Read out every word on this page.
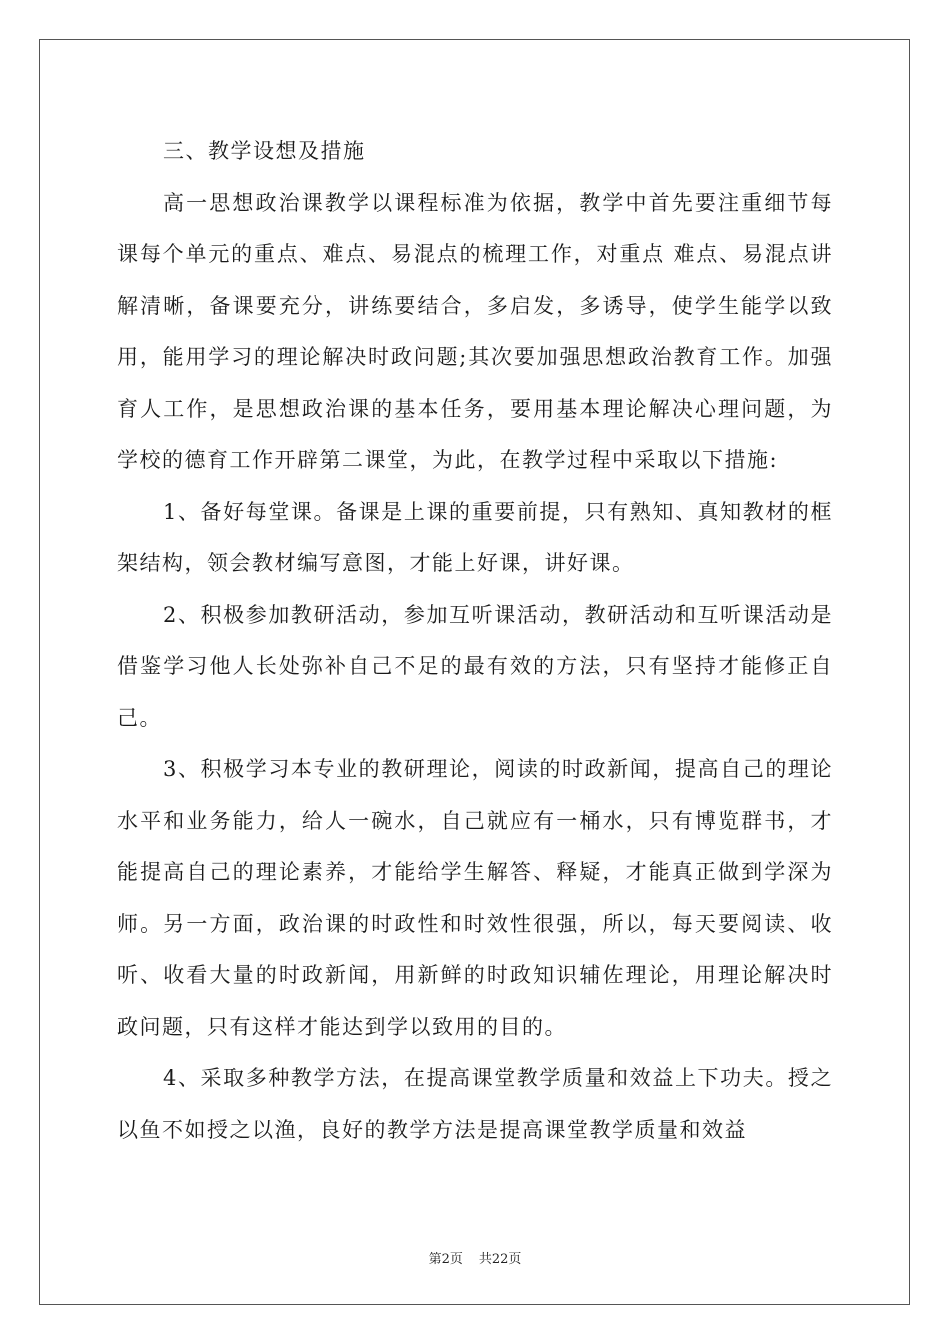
三、教学设想及措施

高一思想政治课教学以课程标准为依据，教学中首先要注重细节每课每个单元的重点、难点、易混点的梳理工作，对重点 难点、易混点讲解清晰，备课要充分，讲练要结合，多启发，多诱导，使学生能学以致用，能用学习的理论解决时政问题;其次要加强思想政治教育工作。加强育人工作，是思想政治课的基本任务，要用基本理论解决心理问题，为学校的德育工作开辟第二课堂，为此，在教学过程中采取以下措施:

1、备好每堂课。备课是上课的重要前提，只有熟知、真知教材的框架结构，领会教材编写意图，才能上好课，讲好课。

2、积极参加教研活动，参加互听课活动，教研活动和互听课活动是借鉴学习他人长处弥补自己不足的最有效的方法，只有坚持才能修正自己。

3、积极学习本专业的教研理论，阅读的时政新闻，提高自己的理论水平和业务能力，给人一碗水，自己就应有一桶水，只有博览群书，才能提高自己的理论素养，才能给学生解答、释疑，才能真正做到学深为师。另一方面，政治课的时政性和时效性很强，所以，每天要阅读、收听、收看大量的时政新闻，用新鲜的时政知识辅佐理论，用理论解决时政问题，只有这样才能达到学以致用的目的。

4、采取多种教学方法，在提高课堂教学质量和效益上下功夫。授之以鱼不如授之以渔，良好的教学方法是提高课堂教学质量和效益

第2页 共22页
